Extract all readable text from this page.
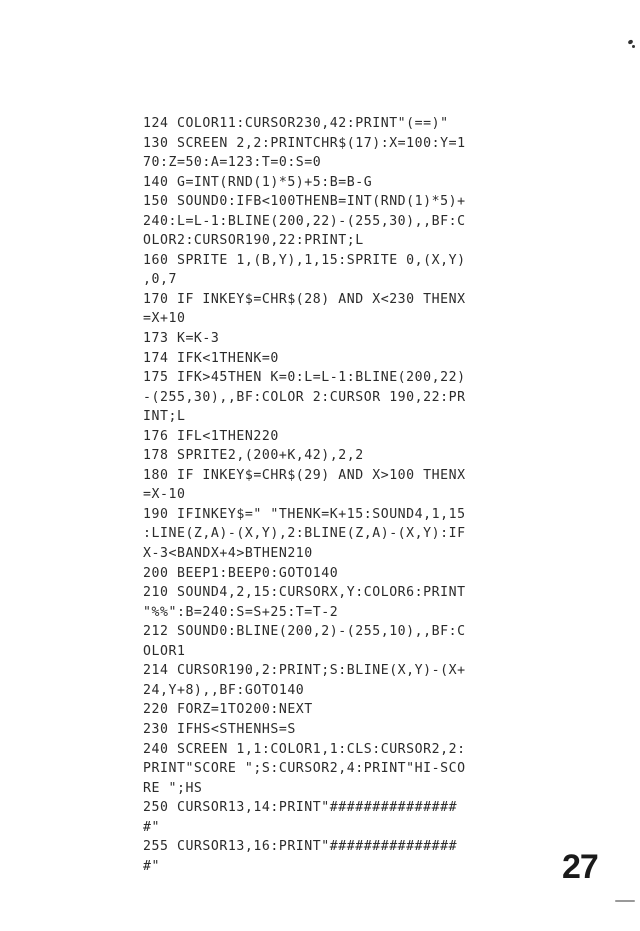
124 COLOR11:CURSOR230,42:PRINT"(==)"
130 SCREEN 2,2:PRINTCHR$(17):X=100:Y=1
70:Z=50:A=123:T=0:S=0
140 G=INT(RND(1)*5)+5:B=B-G
150 SOUND0:IFB<100THENB=INT(RND(1)*5)+
240:L=L-1:BLINE(200,22)-(255,30),,BF:C
OLOR2:CURSOR190,22:PRINT;L
160 SPRITE 1,(B,Y),1,15:SPRITE 0,(X,Y)
,0,7
170 IF INKEY$=CHR$(28) AND X<230 THENX
=X+10
173 K=K-3
174 IFK<1THENK=0
175 IFK>45THEN K=0:L=L-1:BLINE(200,22)
-(255,30),,BF:COLOR 2:CURSOR 190,22:PR
INT;L
176 IFL<1THEN220
178 SPRITE2,(200+K,42),2,2
180 IF INKEY$=CHR$(29) AND X>100 THENX
=X-10
190 IFINKEY$=" "THENK=K+15:SOUND4,1,15
:LINE(Z,A)-(X,Y),2:BLINE(Z,A)-(X,Y):IF
X-3<BANDX+4>BTHEN210
200 BEEP1:BEEP0:GOTO140
210 SOUND4,2,15:CURSORX,Y:COLOR6:PRINT
"%%":B=240:S=S+25:T=T-2
212 SOUND0:BLINE(200,2)-(255,10),,BF:C
OLOR1
214 CURSOR190,2:PRINT;S:BLINE(X,Y)-(X+
24,Y+8),,BF:GOTO140
220 FORZ=1TO200:NEXT
230 IFHS<STHENHS=S
240 SCREEN 1,1:COLOR1,1:CLS:CURSOR2,2:
PRINT"SCORE ";S:CURSOR2,4:PRINT"HI-SCO
RE ";HS
250 CURSOR13,14:PRINT"###############
#"
255 CURSOR13,16:PRINT"###############
#"	27
